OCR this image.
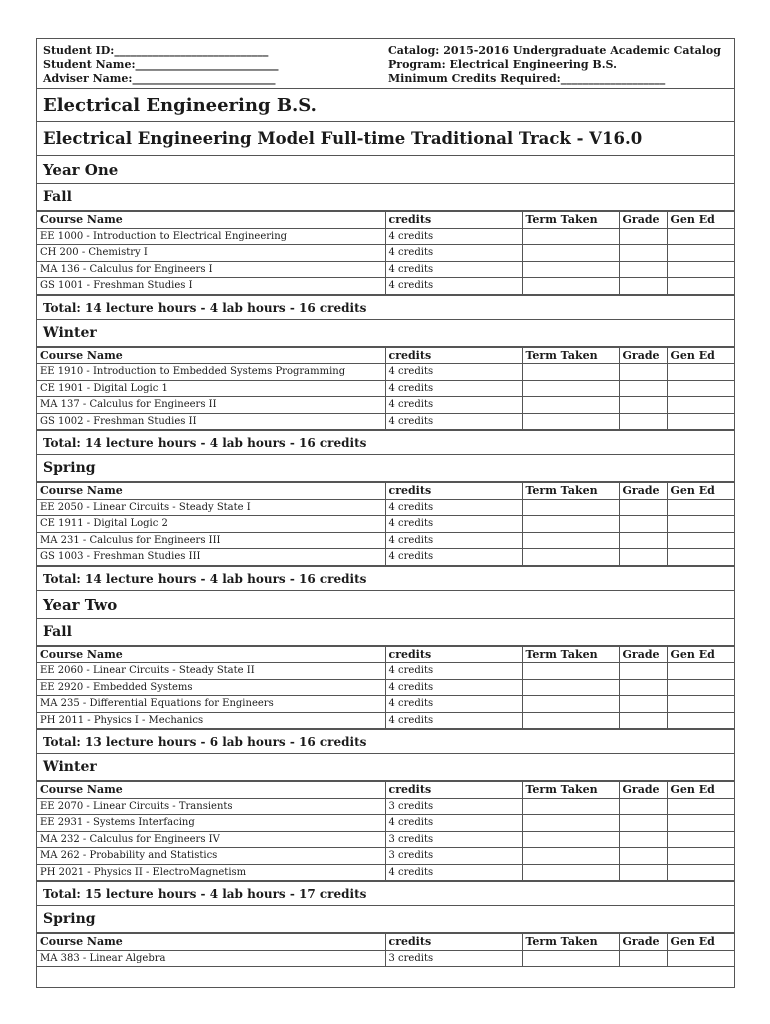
Student ID:____________________________
Student Name:__________________________
Adviser Name:__________________________
Catalog: 2015-2016 Undergraduate Academic Catalog
Program: Electrical Engineering B.S.
Minimum Credits Required:___________________
Electrical Engineering B.S.
Electrical Engineering Model Full-time Traditional Track - V16.0
Year One
Fall
Course Name	credits	Term Taken	Grade	Gen Ed
EE 1000 - Introduction to Electrical Engineering	4 credits			
CH 200 - Chemistry I	4 credits			
MA 136 - Calculus for Engineers I	4 credits			
GS 1001 - Freshman Studies I	4 credits			
Total: 14 lecture hours - 4 lab hours - 16 credits
Winter
Course Name	credits	Term Taken	Grade	Gen Ed
EE 1910 - Introduction to Embedded Systems Programming	4 credits			
CE 1901 - Digital Logic 1	4 credits			
MA 137 - Calculus for Engineers II	4 credits			
GS 1002 - Freshman Studies II	4 credits			
Total: 14 lecture hours - 4 lab hours - 16 credits
Spring
Course Name	credits	Term Taken	Grade	Gen Ed
EE 2050 - Linear Circuits - Steady State I	4 credits			
CE 1911 - Digital Logic 2	4 credits			
MA 231 - Calculus for Engineers III	4 credits			
GS 1003 - Freshman Studies III	4 credits			
Total: 14 lecture hours - 4 lab hours - 16 credits
Year Two
Fall
Course Name	credits	Term Taken	Grade	Gen Ed
EE 2060 - Linear Circuits - Steady State II	4 credits			
EE 2920 - Embedded Systems	4 credits			
MA 235 - Differential Equations for Engineers	4 credits			
PH 2011 - Physics I - Mechanics	4 credits			
Total: 13 lecture hours - 6 lab hours - 16 credits
Winter
Course Name	credits	Term Taken	Grade	Gen Ed
EE 2070 - Linear Circuits - Transients	3 credits			
EE 2931 - Systems Interfacing	4 credits			
MA 232 - Calculus for Engineers IV	3 credits			
MA 262 - Probability and Statistics	3 credits			
PH 2021 - Physics II - ElectroMagnetism	4 credits			
Total: 15 lecture hours - 4 lab hours - 17 credits
Spring
Course Name	credits	Term Taken	Grade	Gen Ed
MA 383 - Linear Algebra	3 credits			
